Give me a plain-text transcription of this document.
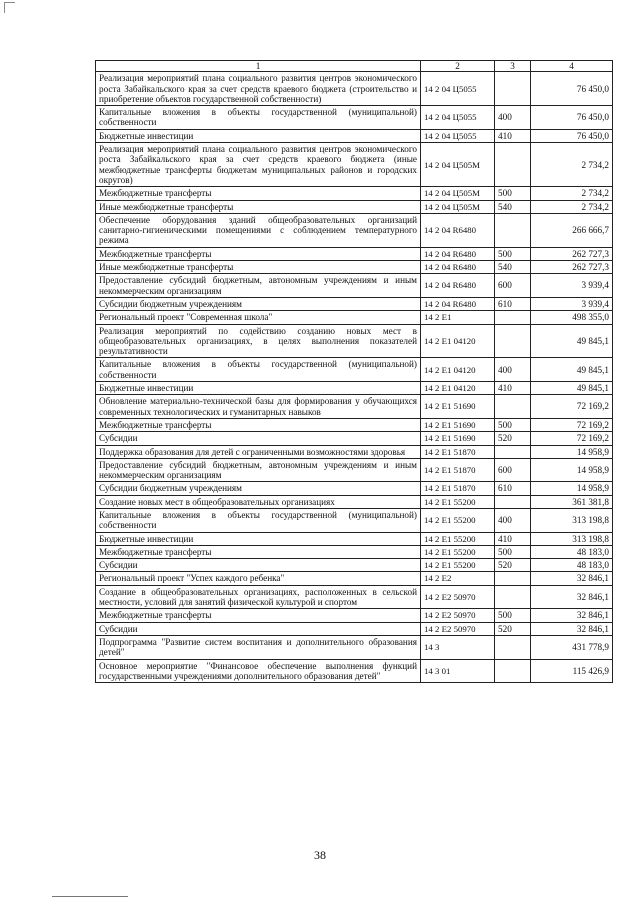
1	2	3	4
Реализация мероприятий плана социального развития центров экономического роста Забайкальского края за счет средств краевого бюджета (строительство и приобретение объектов государственной собственности)	14 2 04 Ц5055		76 450,0
Капитальные вложения в объекты государственной (муниципальной) собственности	14 2 04 Ц5055	400	76 450,0
Бюджетные инвестиции	14 2 04 Ц5055	410	76 450,0
Реализация мероприятий плана социального развития центров экономического роста Забайкальского края за счет средств краевого бюджета (иные межбюджетные трансферты бюджетам муниципальных районов и городских округов)	14 2 04 Ц505М		2 734,2
Межбюджетные трансферты	14 2 04 Ц505М	500	2 734,2
Иные межбюджетные трансферты	14 2 04 Ц505М	540	2 734,2
Обеспечение оборудования зданий общеобразовательных организаций санитарно-гигиеническими помещениями с соблюдением температурного режима	14 2 04 R6480		266 666,7
Межбюджетные трансферты	14 2 04 R6480	500	262 727,3
Иные межбюджетные трансферты	14 2 04 R6480	540	262 727,3
Предоставление субсидий бюджетным, автономным учреждениям и иным некоммерческим организациям	14 2 04 R6480	600	3 939,4
Субсидии бюджетным учреждениям	14 2 04 R6480	610	3 939,4
Региональный проект "Современная школа"	14 2 E1		498 355,0
Реализация мероприятий по содействию созданию новых мест в общеобразовательных организациях, в целях выполнения показателей результативности	14 2 E1 04120		49 845,1
Капитальные вложения в объекты государственной (муниципальной) собственности	14 2 E1 04120	400	49 845,1
Бюджетные инвестиции	14 2 E1 04120	410	49 845,1
Обновление материально-технической базы для формирования у обучающихся современных технологических и гуманитарных навыков	14 2 E1 51690		72 169,2
Межбюджетные трансферты	14 2 E1 51690	500	72 169,2
Субсидии	14 2 E1 51690	520	72 169,2
Поддержка образования для детей с ограниченными возможностями здоровья	14 2 E1 51870		14 958,9
Предоставление субсидий бюджетным, автономным учреждениям и иным некоммерческим организациям	14 2 E1 51870	600	14 958,9
Субсидии бюджетным учреждениям	14 2 E1 51870	610	14 958,9
Создание новых мест в общеобразовательных организациях	14 2 E1 55200		361 381,8
Капитальные вложения в объекты государственной (муниципальной) собственности	14 2 E1 55200	400	313 198,8
Бюджетные инвестиции	14 2 E1 55200	410	313 198,8
Межбюджетные трансферты	14 2 E1 55200	500	48 183,0
Субсидии	14 2 E1 55200	520	48 183,0
Региональный проект "Успех каждого ребенка"	14 2 E2		32 846,1
Создание в общеобразовательных организациях, расположенных в сельской местности, условий для занятий физической культурой и спортом	14 2 E2 50970		32 846,1
Межбюджетные трансферты	14 2 E2 50970	500	32 846,1
Субсидии	14 2 E2 50970	520	32 846,1
Подпрограмма "Развитие систем воспитания и дополнительного образования детей"	14 3		431 778,9
Основное мероприятие "Финансовое обеспечение выполнения функций государственными учреждениями дополнительного образования детей"	14 3 01		115 426,9
38
